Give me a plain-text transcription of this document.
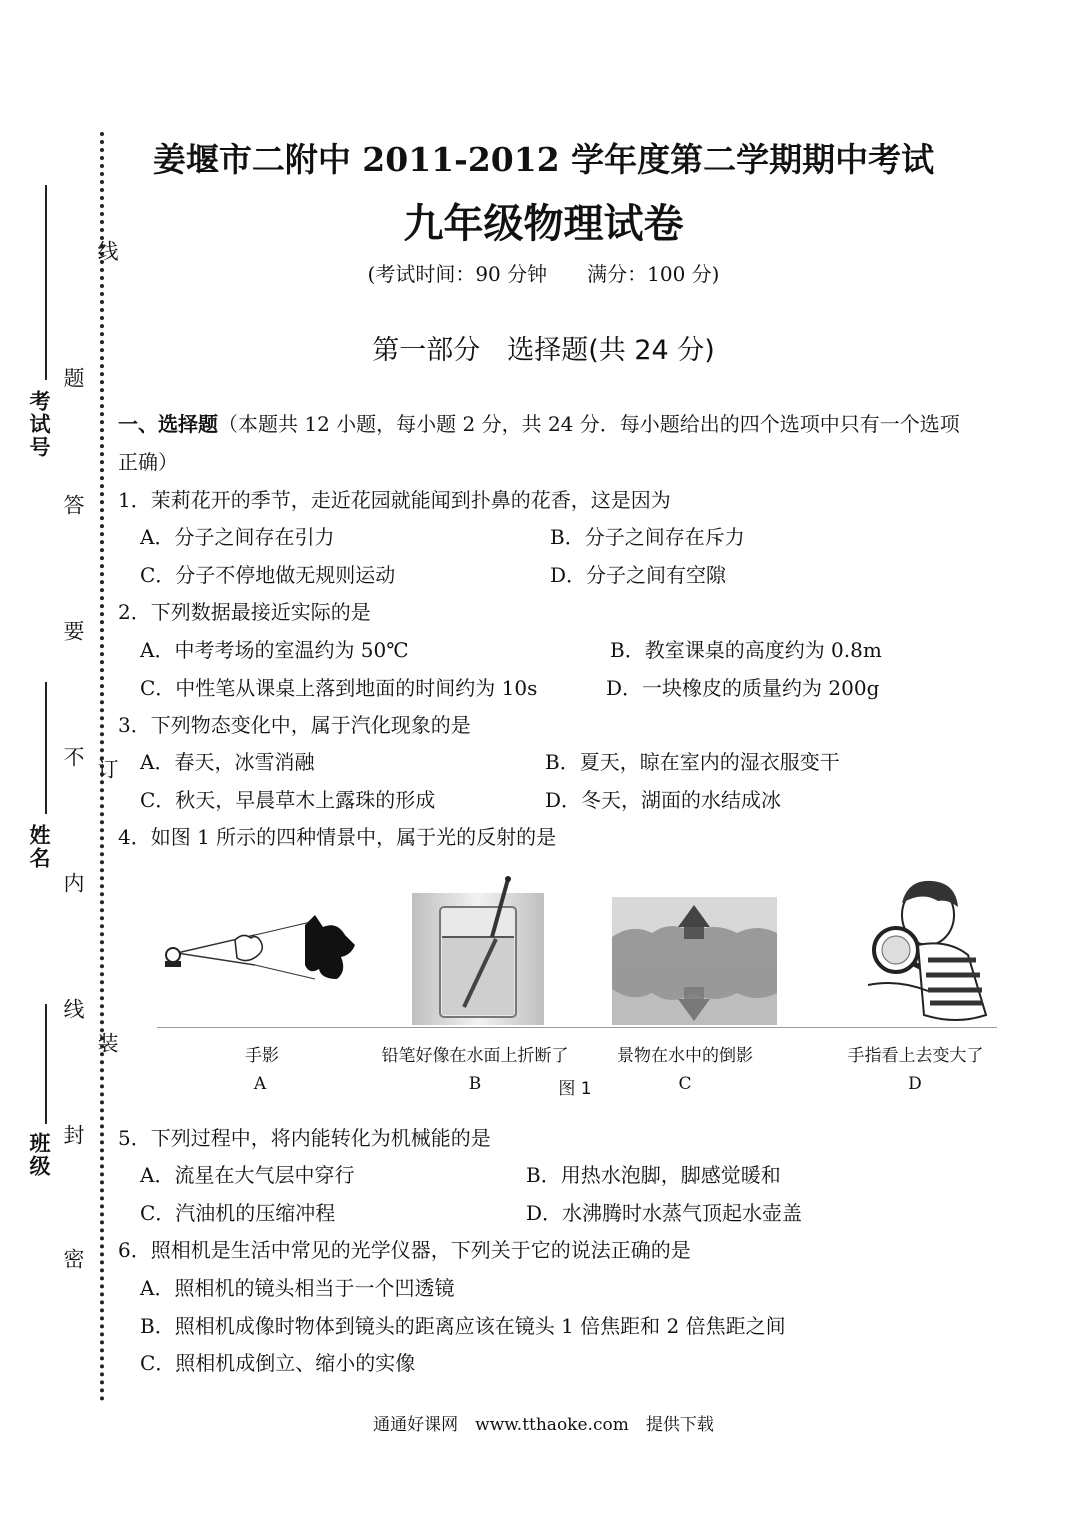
考试号
姓名
班级
题
答
要
不
内
线
封
密
线
订
装
姜堰市二附中 2011-2012 学年度第二学期期中考试
九年级物理试卷
(考试时间：90 分钟　　满分：100 分)
第一部分　选择题(共 24 分)
一、选择题（本题共 12 小题，每小题 2 分，共 24 分．每小题给出的四个选项中只有一个选项正确）
1．茉莉花开的季节，走近花园就能闻到扑鼻的花香，这是因为
A．分子之间存在引力	B．分子之间存在斥力
C．分子不停地做无规则运动	D．分子之间有空隙
2．下列数据最接近实际的是
A．中考考场的室温约为 50℃	B．教室课桌的高度约为 0.8m
C．中性笔从课桌上落到地面的时间约为 10s	D．一块橡皮的质量约为 200g
3．下列物态变化中，属于汽化现象的是
A．春天，冰雪消融	B．夏天，晾在室内的湿衣服变干
C．秋天，早晨草木上露珠的形成	D．冬天，湖面的水结成冰
4．如图 1 所示的四种情景中，属于光的反射的是
手影	铅笔好像在水面上折断了	景物在水中的倒影	手指看上去变大了
A	B	图 1	C	D
5．下列过程中，将内能转化为机械能的是
A．流星在大气层中穿行	B．用热水泡脚，脚感觉暖和
C．汽油机的压缩冲程	D．水沸腾时水蒸气顶起水壶盖
6．照相机是生活中常见的光学仪器，下列关于它的说法正确的是
A．照相机的镜头相当于一个凹透镜
B．照相机成像时物体到镜头的距离应该在镜头 1 倍焦距和 2 倍焦距之间
C．照相机成倒立、缩小的实像
通通好课网　www.tthaoke.com　提供下载
